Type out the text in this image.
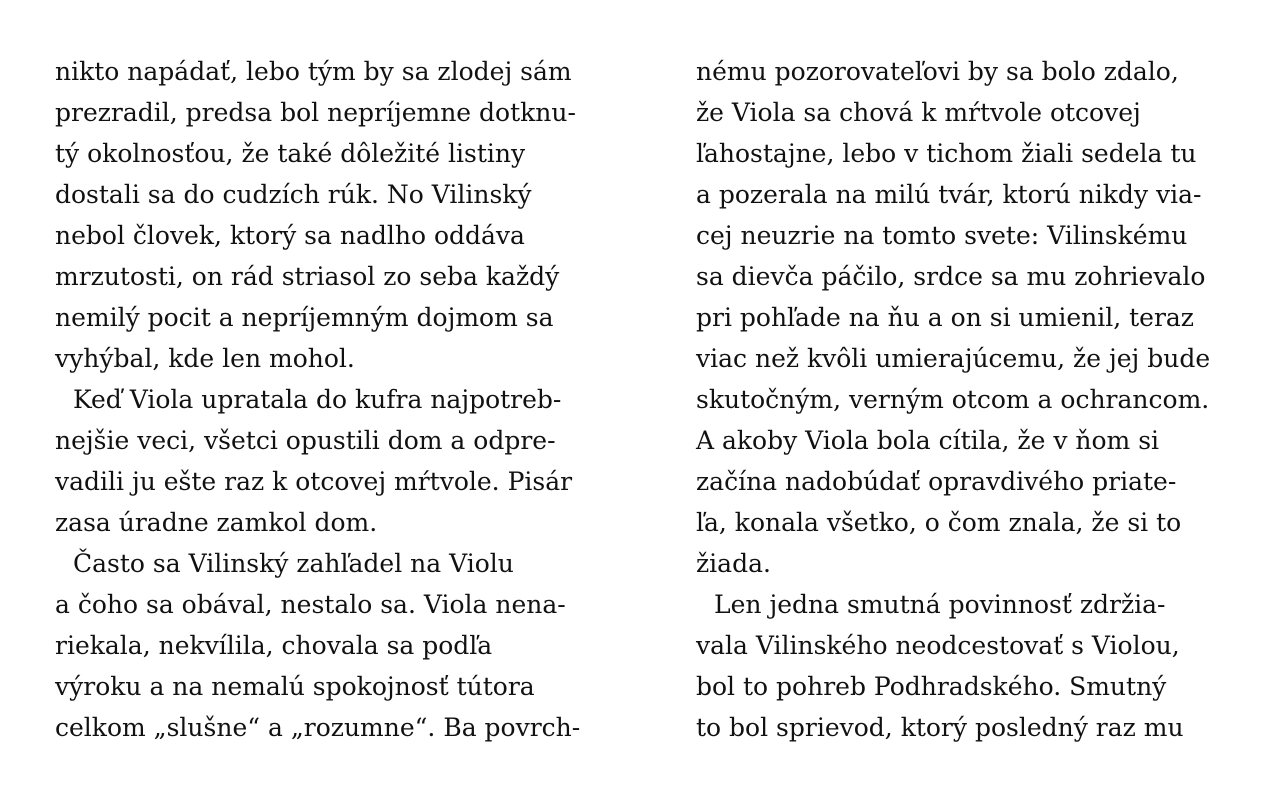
nikto napádať, lebo tým by sa zlodej sám
prezradil, predsa bol nepríjemne dotknu-
tý okolnosťou, že také dôležité listiny
dostali sa do cudzích rúk. No Vilinský
nebol človek, ktorý sa nadlho oddáva
mrzutosti, on rád striasol zo seba každý
nemilý pocit a nepríjemným dojmom sa
vyhýbal, kde len mohol.
Keď Viola upratala do kufra najpotreb-
nejšie veci, všetci opustili dom a odpre-
vadili ju ešte raz k otcovej mŕtvole. Pisár
zasa úradne zamkol dom.
Často sa Vilinský zahľadel na Violu
a čoho sa obával, nestalo sa. Viola nena-
riekala, nekvílila, chovala sa podľa
výroku a na nemalú spokojnosť tútora
celkom „slušne“ a „rozumne“. Ba povrch-
nému pozorovateľovi by sa bolo zdalo,
že Viola sa chová k mŕtvole otcovej
ľahostajne, lebo v tichom žiali sedela tu
a pozerala na milú tvár, ktorú nikdy via-
cej neuzrie na tomto svete: Vilinskému
sa dievča páčilo, srdce sa mu zohrievalo
pri pohľade na ňu a on si umienil, teraz
viac než kvôli umierajúcemu, že jej bude
skutočným, verným otcom a ochrancom.
A akoby Viola bola cítila, že v ňom si
začína nadobúdať opravdivého priate-
ľa, konala všetko, o čom znala, že si to
žiada.
Len jedna smutná povinnosť zdržia-
vala Vilinského neodcestovať s Violou,
bol to pohreb Podhradského. Smutný
to bol sprievod, ktorý posledný raz mu
